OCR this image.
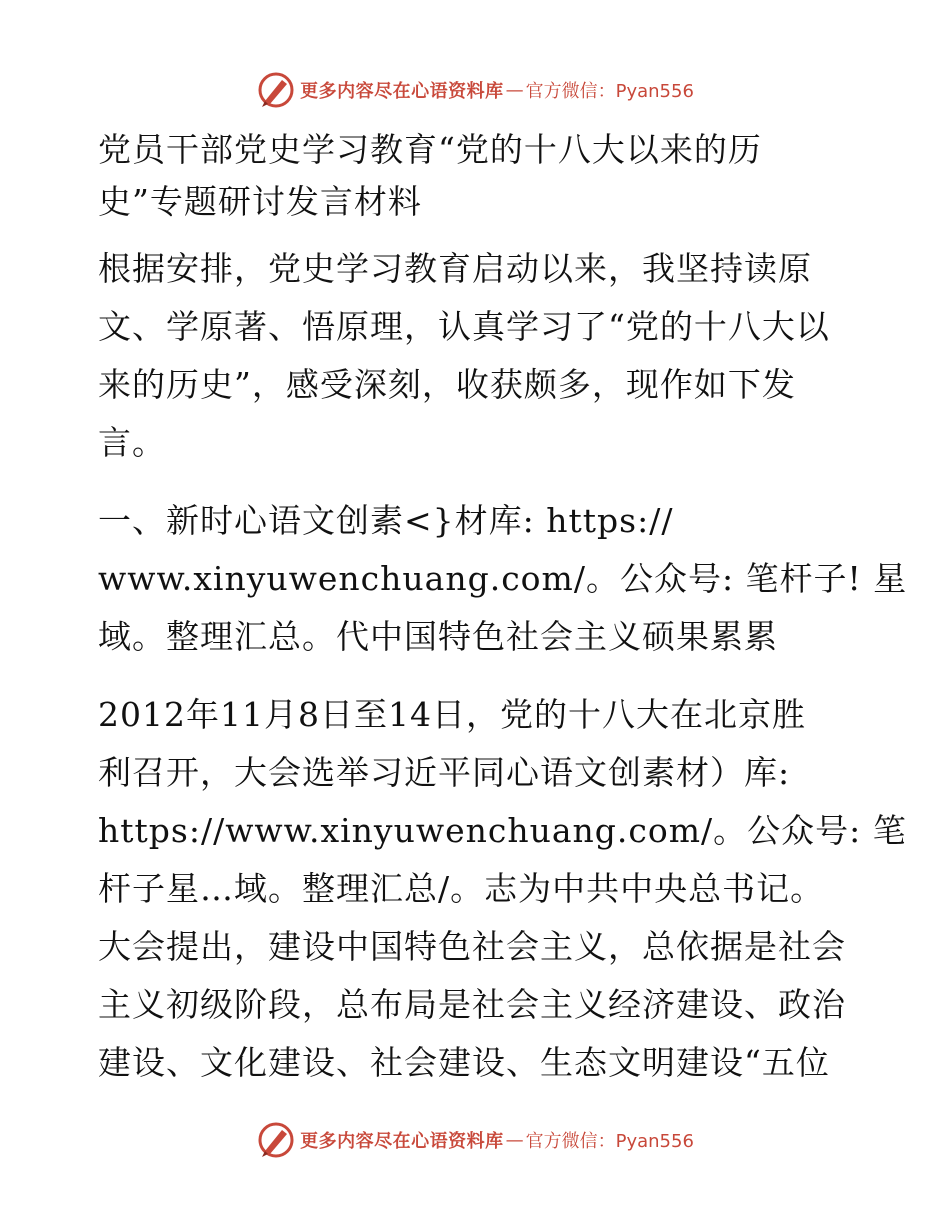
更多内容尽在心语资料库 — 官方微信：Pyan556
党员干部党史学习教育“党的十八大以来的历
史”专题研讨发言材料

根据安排，党史学习教育启动以来，我坚持读原
文、学原著、悟原理，认真学习了“党的十八大以
来的历史”，感受深刻，收获颇多，现作如下发
言。

一、新时心语文创素<}材库: https://
www.xinyuwenchuang.com/。公众号: 笔杆子! 星
域。整理汇总。代中国特色社会主义硕果累累

2012年11月8日至14日，党的十八大在北京胜
利召开，大会选举习近平同心语文创素材）库:
https://www.xinyuwenchuang.com/。公众号: 笔
杆子星…域。整理汇总/。志为中共中央总书记。
大会提出，建设中国特色社会主义，总依据是社会
主义初级阶段，总布局是社会主义经济建设、政治
建设、文化建设、社会建设、生态文明建设“五位

更多内容尽在心语资料库 — 官方微信：Pyan556
